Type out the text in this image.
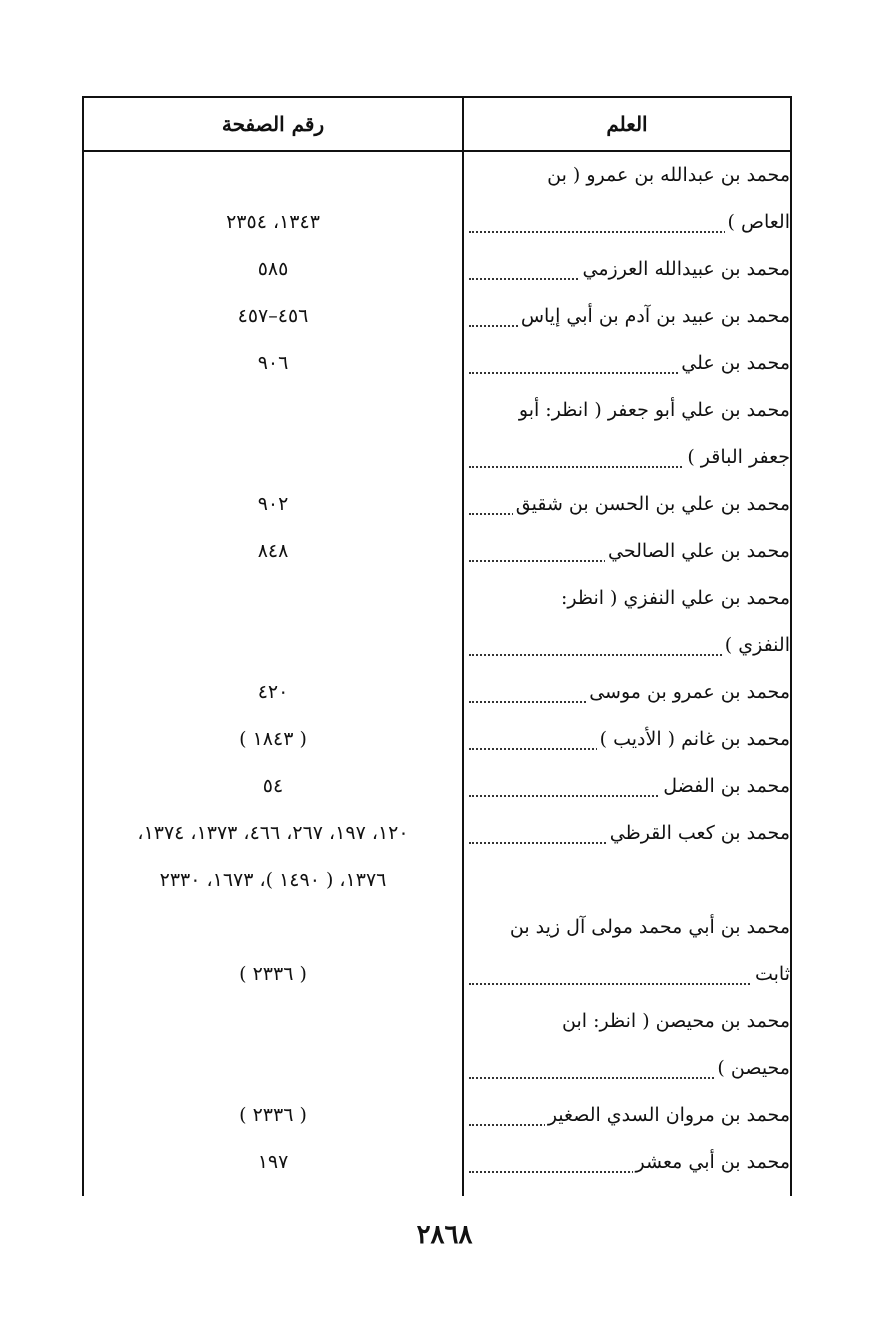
العلم
رقم الصفحة
محمد بن عبدالله بن عمرو ( بن
١٣٤٣، ٢٣٥٤	العاص )
٥٨٥	محمد بن عبيدالله العرزمي
٤٥٦–٤٥٧	محمد بن عبيد بن آدم بن أبي إياس
٩٠٦	محمد بن علي
محمد بن علي أبو جعفر ( انظر: أبو
جعفر الباقر )
٩٠٢	محمد بن علي بن الحسن بن شقيق
٨٤٨	محمد بن علي الصالحي
محمد بن علي النفزي ( انظر:
النفزي )
٤٢٠	محمد بن عمرو بن موسى
( ١٨٤٣ )	محمد بن غانم ( الأديب )
٥٤	محمد بن الفضل
١٢٠، ١٩٧، ٢٦٧، ٤٦٦، ١٣٧٣، ١٣٧٤،	محمد بن كعب القرظي
١٣٧٦، ( ١٤٩٠ )، ١٦٧٣، ٢٣٣٠
محمد بن أبي محمد مولى آل زيد بن
( ٢٣٣٦ )	ثابت
محمد بن محيصن ( انظر: ابن
محيصن )
( ٢٣٣٦ )	محمد بن مروان السدي الصغير
١٩٧	محمد بن أبي معشر
٢٨٦٨
